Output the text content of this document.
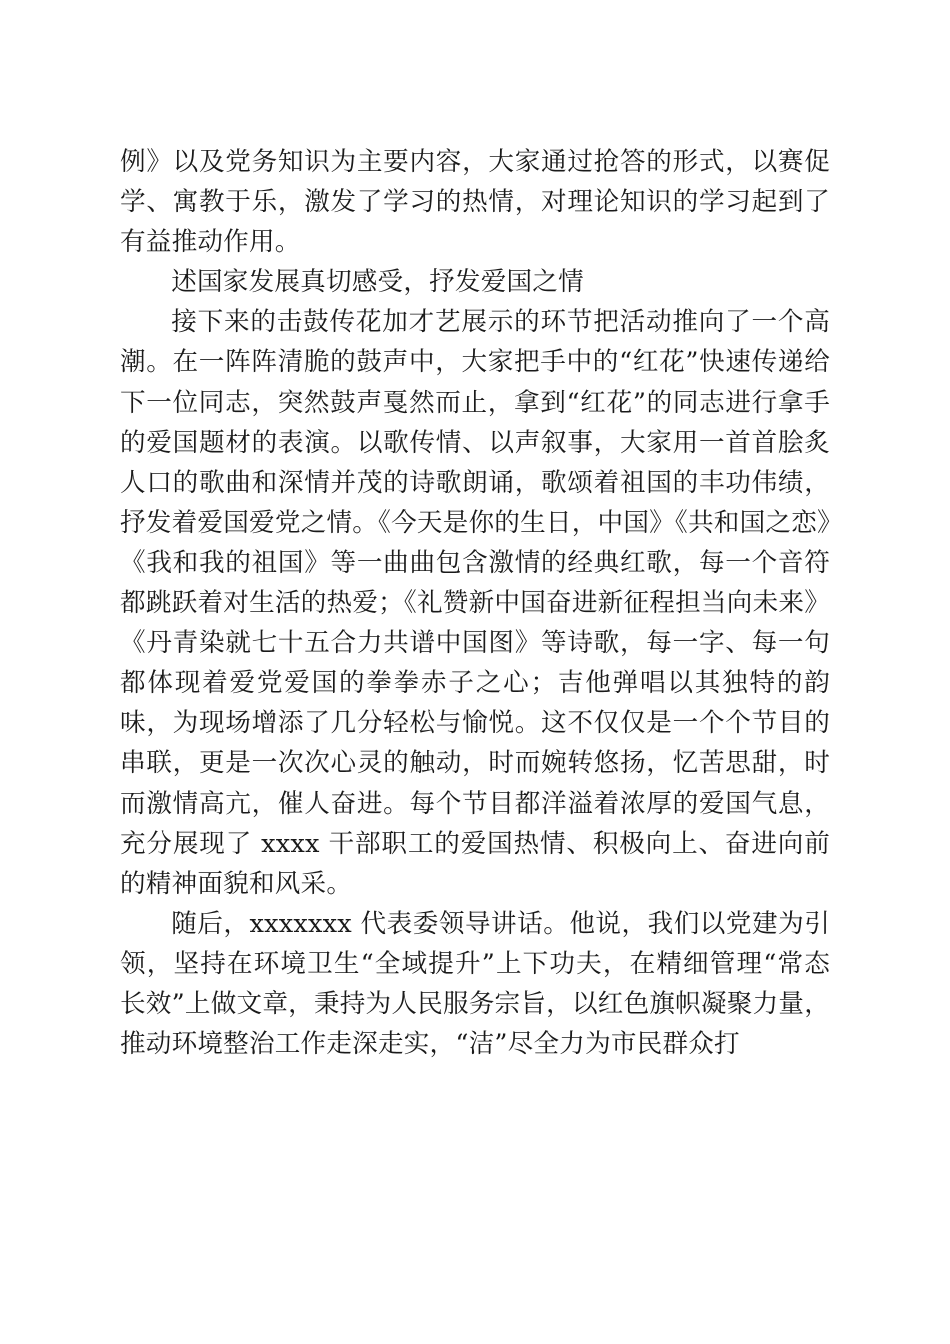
例》以及党务知识为主要内容，大家通过抢答的形式，以赛促学、寓教于乐，激发了学习的热情，对理论知识的学习起到了有益推动作用。

述国家发展真切感受，抒发爱国之情

接下来的击鼓传花加才艺展示的环节把活动推向了一个高潮。在一阵阵清脆的鼓声中，大家把手中的“红花”快速传递给下一位同志，突然鼓声戛然而止，拿到“红花”的同志进行拿手的爱国题材的表演。以歌传情、以声叙事，大家用一首首脍炙人口的歌曲和深情并茂的诗歌朗诵，歌颂着祖国的丰功伟绩，抒发着爱国爱党之情。《今天是你的生日，中国》《共和国之恋》《我和我的祖国》等一曲曲包含激情的经典红歌，每一个音符都跳跃着对生活的热爱；《礼赞新中国奋进新征程担当向未来》《丹青染就七十五合力共谱中国图》等诗歌，每一字、每一句都体现着爱党爱国的拳拳赤子之心；吉他弹唱以其独特的韵味，为现场增添了几分轻松与愉悦。这不仅仅是一个个节目的串联，更是一次次心灵的触动，时而婉转悠扬，忆苦思甜，时而激情高亢，催人奋进。每个节目都洋溢着浓厚的爱国气息，充分展现了 xxxx 干部职工的爱国热情、积极向上、奋进向前的精神面貌和风采。

随后，xxxxxxx 代表委领导讲话。他说，我们以党建为引领，坚持在环境卫生“全域提升”上下功夫，在精细管理“常态长效”上做文章，秉持为人民服务宗旨，以红色旗帜凝聚力量，推动环境整治工作走深走实，“洁”尽全力为市民群众打
